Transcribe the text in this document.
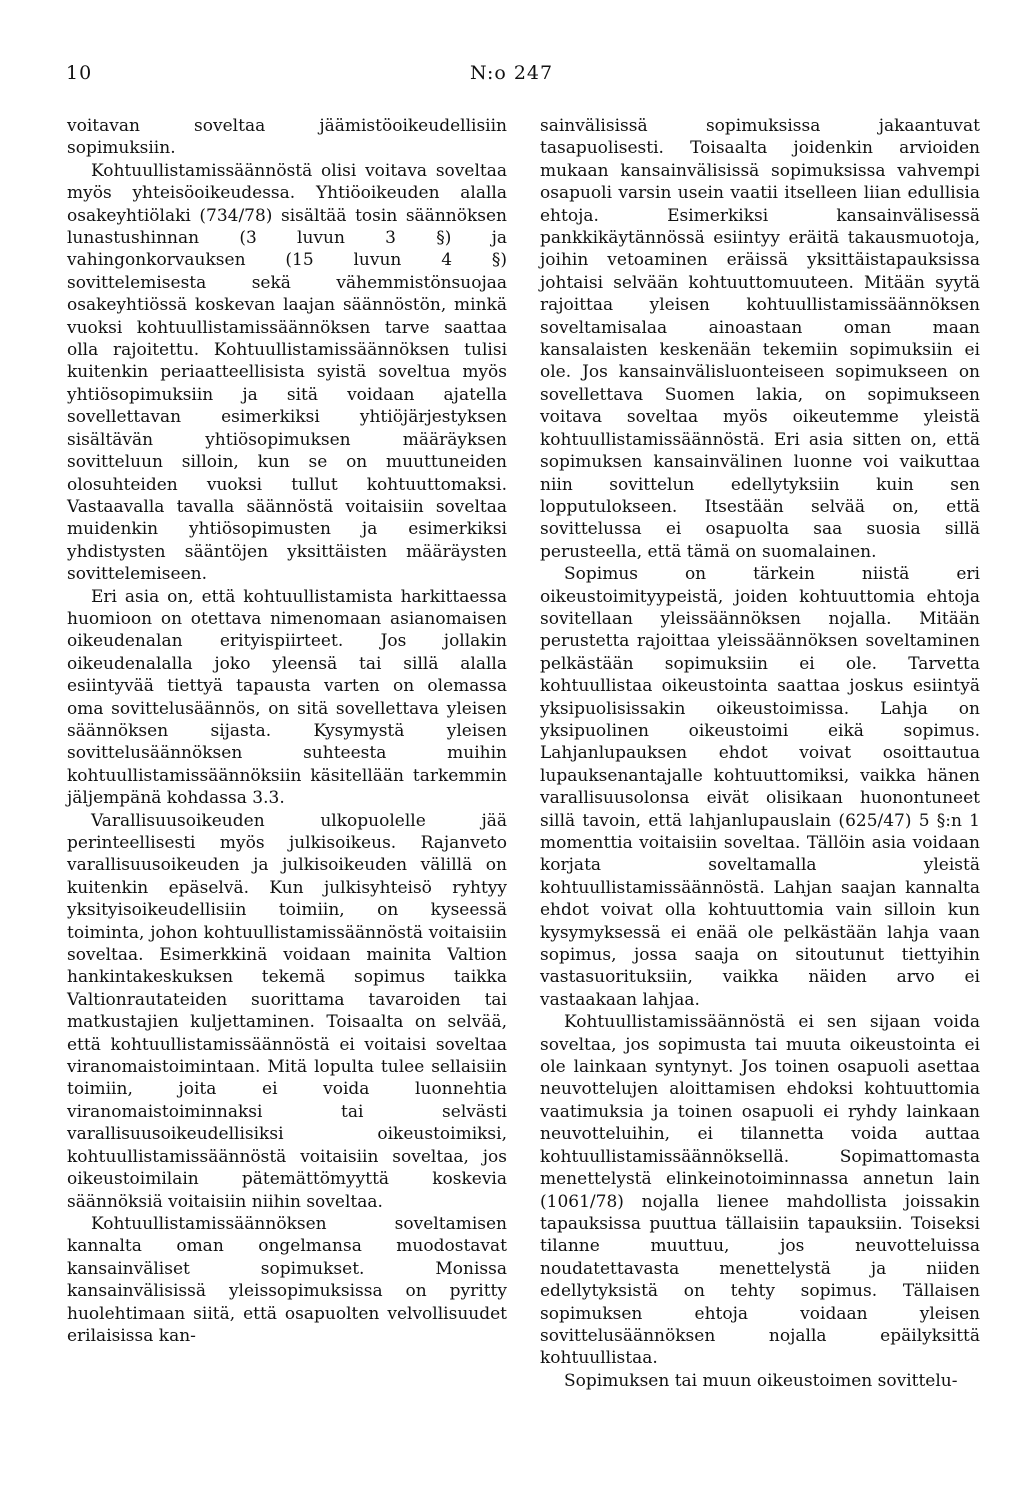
10	N:o 247

voitavan soveltaa jäämistöoikeudellisiin sopimuksiin.

Kohtuullistamissäännöstä olisi voitava soveltaa myös yhteisöoikeudessa. Yhtiöoikeuden alalla osakeyhtiölaki (734/78) sisältää tosin säännöksen lunastushinnan (3 luvun 3 §) ja vahingonkorvauksen (15 luvun 4 §) sovittelemisesta sekä vähemmistönsuojaa osakeyhtiössä koskevan laajan säännöstön, minkä vuoksi kohtuullistamissäännöksen tarve saattaa olla rajoitettu. Kohtuullistamissäännöksen tulisi kuitenkin periaatteellisista syistä soveltua myös yhtiösopimuksiin ja sitä voidaan ajatella sovellettavan esimerkiksi yhtiöjärjestyksen sisältävän yhtiösopimuksen määräyksen sovitteluun silloin, kun se on muuttuneiden olosuhteiden vuoksi tullut kohtuuttomaksi. Vastaavalla tavalla säännöstä voitaisiin soveltaa muidenkin yhtiösopimusten ja esimerkiksi yhdistysten sääntöjen yksittäisten määräysten sovittelemiseen.

Eri asia on, että kohtuullistamista harkittaessa huomioon on otettava nimenomaan asianomaisen oikeudenalan erityispiirteet. Jos jollakin oikeudenalalla joko yleensä tai sillä alalla esiintyvää tiettyä tapausta varten on olemassa oma sovittelusäännös, on sitä sovellettava yleisen säännöksen sijasta. Kysymystä yleisen sovittelusäännöksen suhteesta muihin kohtuullistamissäännöksiin käsitellään tarkemmin jäljempänä kohdassa 3.3.

Varallisuusoikeuden ulkopuolelle jää perinteellisesti myös julkisoikeus. Rajanveto varallisuusoikeuden ja julkisoikeuden välillä on kuitenkin epäselvä. Kun julkisyhteisö ryhtyy yksityisoikeudellisiin toimiin, on kyseessä toiminta, johon kohtuullistamissäännöstä voitaisiin soveltaa. Esimerkkinä voidaan mainita Valtion hankintakeskuksen tekemä sopimus taikka Valtionrautateiden suorittama tavaroiden tai matkustajien kuljettaminen. Toisaalta on selvää, että kohtuullistamissäännöstä ei voitaisi soveltaa viranomaistoimintaan. Mitä lopulta tulee sellaisiin toimiin, joita ei voida luonnehtia viranomaistoiminnaksi tai selvästi varallisuusoikeudellisiksi oikeustoimiksi, kohtuullistamissäännöstä voitaisiin soveltaa, jos oikeustoimilain pätemättömyyttä koskevia säännöksiä voitaisiin niihin soveltaa.

Kohtuullistamissäännöksen soveltamisen kannalta oman ongelmansa muodostavat kansainväliset sopimukset. Monissa kansainvälisissä yleissopimuksissa on pyritty huolehtimaan siitä, että osapuolten velvollisuudet erilaisissa kan-

sainvälisissä sopimuksissa jakaantuvat tasapuolisesti. Toisaalta joidenkin arvioiden mukaan kansainvälisissä sopimuksissa vahvempi osapuoli varsin usein vaatii itselleen liian edullisia ehtoja. Esimerkiksi kansainvälisessä pankkikäytännössä esiintyy eräitä takausmuotoja, joihin vetoaminen eräissä yksittäistapauksissa johtaisi selvään kohtuuttomuuteen. Mitään syytä rajoittaa yleisen kohtuullistamissäännöksen soveltamisalaa ainoastaan oman maan kansalaisten keskenään tekemiin sopimuksiin ei ole. Jos kansainvälisluonteiseen sopimukseen on sovellettava Suomen lakia, on sopimukseen voitava soveltaa myös oikeutemme yleistä kohtuullistamissäännöstä. Eri asia sitten on, että sopimuksen kansainvälinen luonne voi vaikuttaa niin sovittelun edellytyksiin kuin sen lopputulokseen. Itsestään selvää on, että sovittelussa ei osapuolta saa suosia sillä perusteella, että tämä on suomalainen.

Sopimus on tärkein niistä eri oikeustoimityypeistä, joiden kohtuuttomia ehtoja sovitellaan yleissäännöksen nojalla. Mitään perustetta rajoittaa yleissäännöksen soveltaminen pelkästään sopimuksiin ei ole. Tarvetta kohtuullistaa oikeustointa saattaa joskus esiintyä yksipuolisissakin oikeustoimissa. Lahja on yksipuolinen oikeustoimi eikä sopimus. Lahjanlupauksen ehdot voivat osoittautua lupauksenantajalle kohtuuttomiksi, vaikka hänen varallisuusolonsa eivät olisikaan huonontuneet sillä tavoin, että lahjanlupauslain (625/47) 5 §:n 1 momenttia voitaisiin soveltaa. Tällöin asia voidaan korjata soveltamalla yleistä kohtuullistamissäännöstä. Lahjan saajan kannalta ehdot voivat olla kohtuuttomia vain silloin kun kysymyksessä ei enää ole pelkästään lahja vaan sopimus, jossa saaja on sitoutunut tiettyihin vastasuorituksiin, vaikka näiden arvo ei vastaakaan lahjaa.

Kohtuullistamissäännöstä ei sen sijaan voida soveltaa, jos sopimusta tai muuta oikeustointa ei ole lainkaan syntynyt. Jos toinen osapuoli asettaa neuvottelujen aloittamisen ehdoksi kohtuuttomia vaatimuksia ja toinen osapuoli ei ryhdy lainkaan neuvotteluihin, ei tilannetta voida auttaa kohtuullistamissäännöksellä. Sopimattomasta menettelystä elinkeinotoiminnassa annetun lain (1061/78) nojalla lienee mahdollista joissakin tapauksissa puuttua tällaisiin tapauksiin. Toiseksi tilanne muuttuu, jos neuvotteluissa noudatettavasta menettelystä ja niiden edellytyksistä on tehty sopimus. Tällaisen sopimuksen ehtoja voidaan yleisen sovittelusäännöksen nojalla epäilyksittä kohtuullistaa.

Sopimuksen tai muun oikeustoimen sovittelu-
